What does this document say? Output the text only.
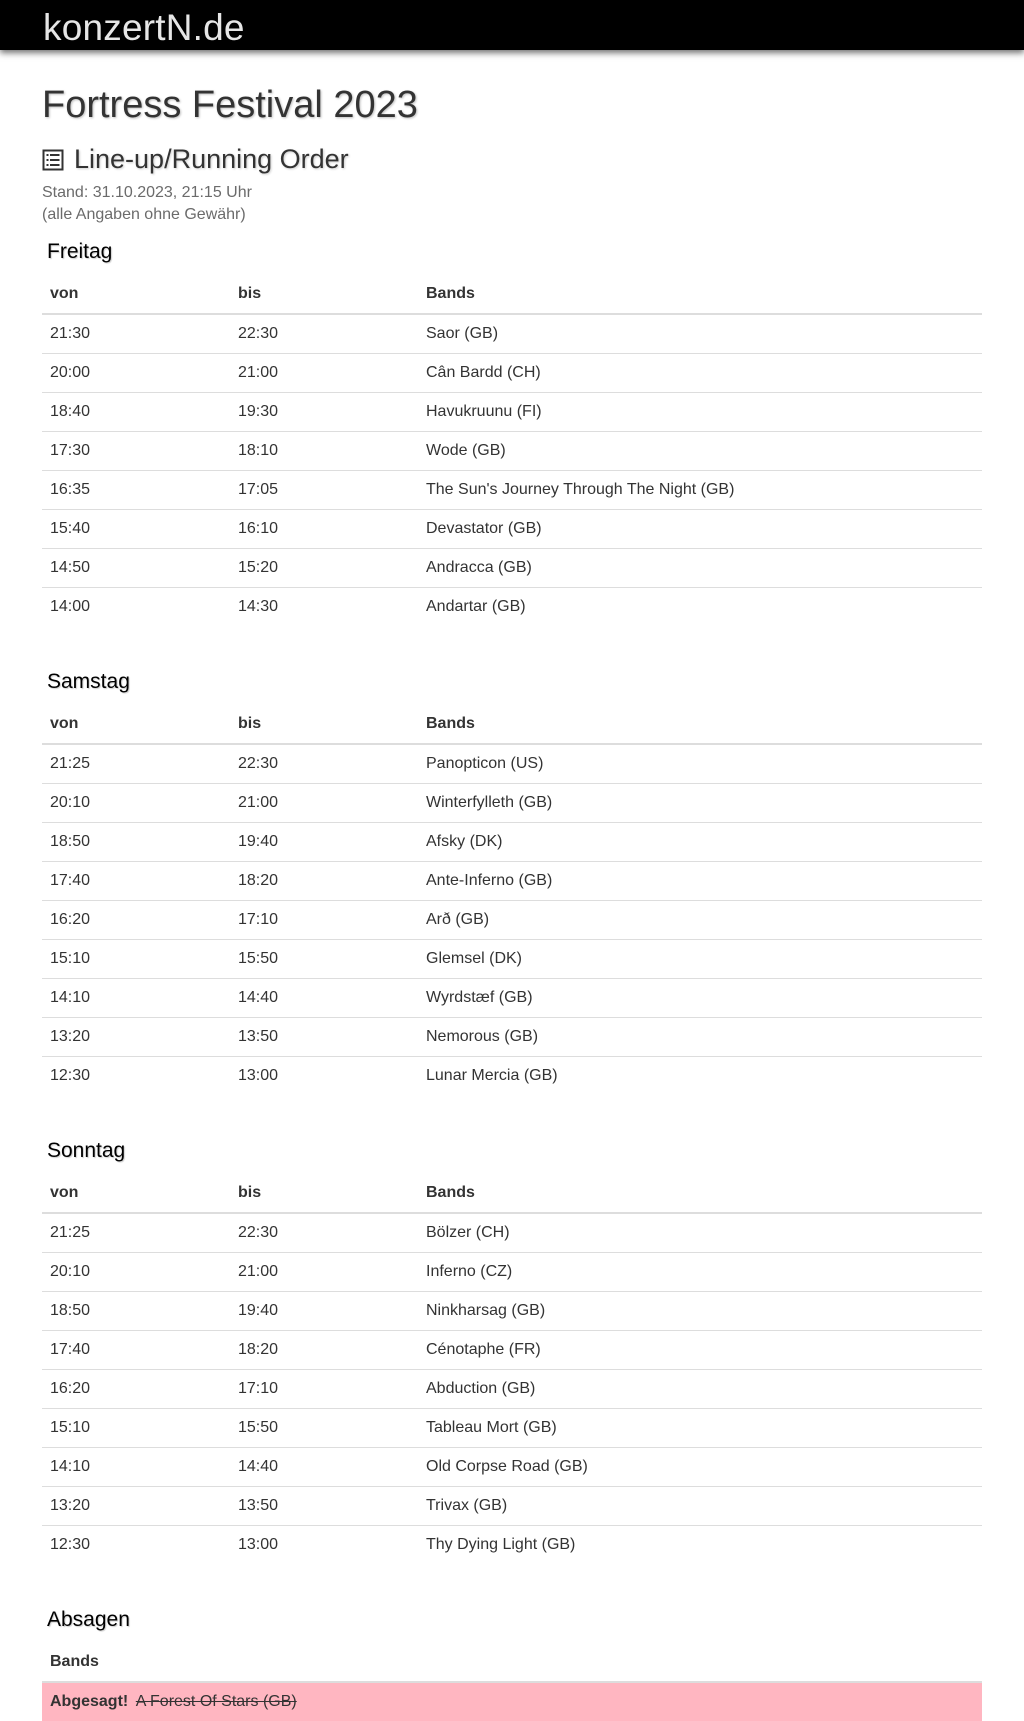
konzertN.de
Fortress Festival 2023
Line-up/Running Order
Stand: 31.10.2023, 21:15 Uhr
(alle Angaben ohne Gewähr)
Freitag
von	bis	Bands
21:30	22:30	Saor (GB)
20:00	21:00	Cân Bardd (CH)
18:40	19:30	Havukruunu (FI)
17:30	18:10	Wode (GB)
16:35	17:05	The Sun's Journey Through The Night (GB)
15:40	16:10	Devastator (GB)
14:50	15:20	Andracca (GB)
14:00	14:30	Andartar (GB)
Samstag
von	bis	Bands
21:25	22:30	Panopticon (US)
20:10	21:00	Winterfylleth (GB)
18:50	19:40	Afsky (DK)
17:40	18:20	Ante-Inferno (GB)
16:20	17:10	Arð (GB)
15:10	15:50	Glemsel (DK)
14:10	14:40	Wyrdstæf (GB)
13:20	13:50	Nemorous (GB)
12:30	13:00	Lunar Mercia (GB)
Sonntag
von	bis	Bands
21:25	22:30	Bölzer (CH)
20:10	21:00	Inferno (CZ)
18:50	19:40	Ninkharsag (GB)
17:40	18:20	Cénotaphe (FR)
16:20	17:10	Abduction (GB)
15:10	15:50	Tableau Mort (GB)
14:10	14:40	Old Corpse Road (GB)
13:20	13:50	Trivax (GB)
12:30	13:00	Thy Dying Light (GB)
Absagen
Bands
Abgesagt! A Forest Of Stars (GB)
